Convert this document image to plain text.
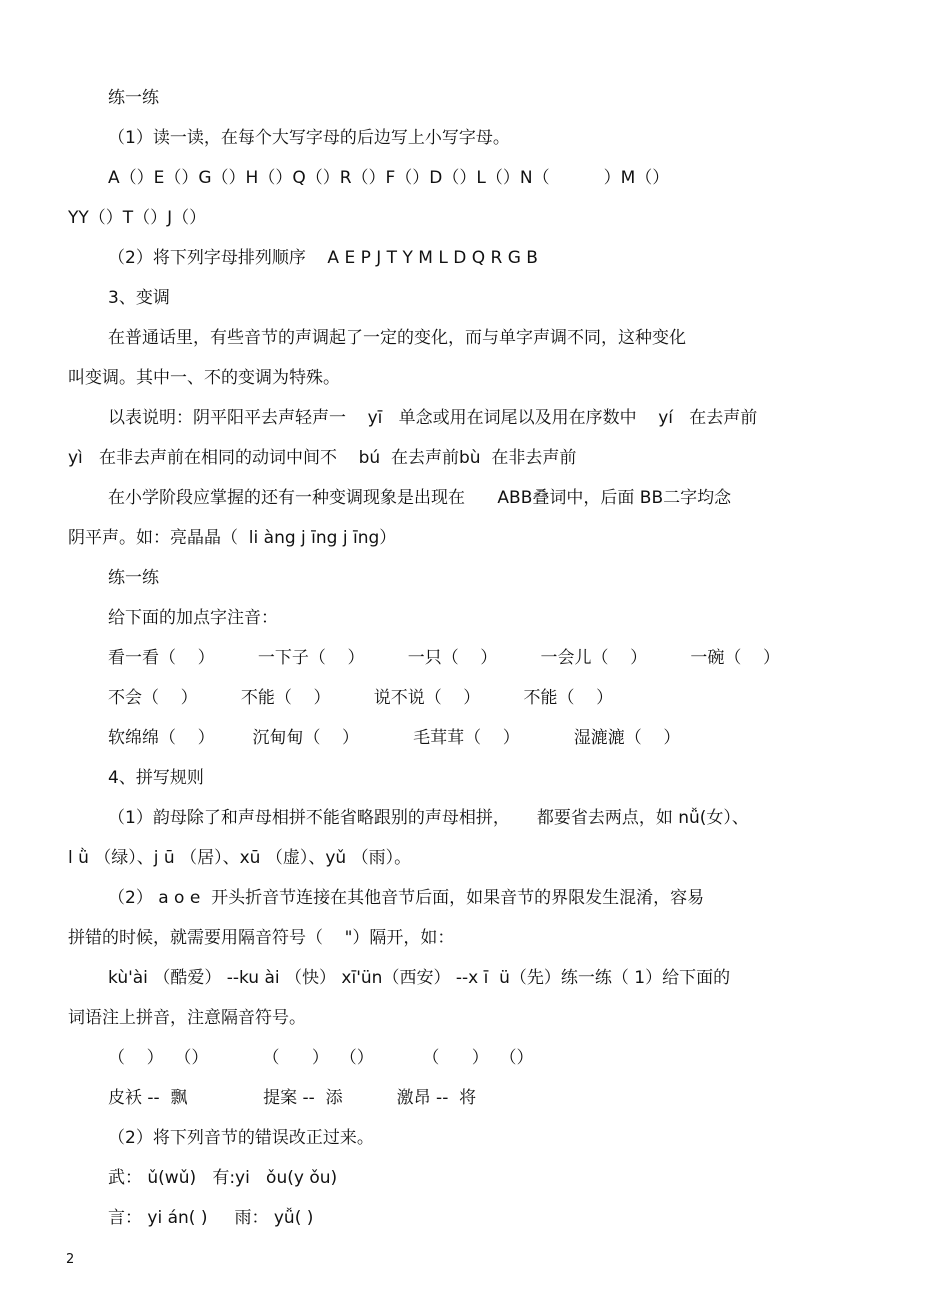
练一练
（1）读一读，在每个大写字母的后边写上小写字母。
A（）E（）G（）H（）Q（）R（）F（）D（）L（）N（          ）M（）
YY（）T（）J（）
（2）将下列字母排列顺序    A E P J T Y M L D Q R G B
3、变调
在普通话里，有些音节的声调起了一定的变化，而与单字声调不同，这种变化
叫变调。其中一、不的变调为特殊。
以表说明：阴平阳平去声轻声一    yī   单念或用在词尾以及用在序数中    yí   在去声前
yì   在非去声前在相同的动词中间不    bú  在去声前bù  在非去声前
在小学阶段应掌握的还有一种变调现象是出现在      ABB叠词中，后面 BB二字均念
阴平声。如：亮晶晶（  li àng j īng j īng）
练一练
给下面的加点字注音：
看一看（    ）        一下子（    ）        一只（    ）        一会儿（    ）        一碗（    ）
不会（    ）        不能（    ）        说不说（    ）        不能（    ）
软绵绵（    ）       沉甸甸（    ）          毛茸茸（    ）          湿漉漉（    ）
4、拼写规则
（1）韵母除了和声母相拼不能省略跟别的声母相拼，     都要省去两点，如 nǚ(女）、
l ǜ （绿）、j ū （居）、xū （虚）、yǔ （雨）。
（2） a o e  开头折音节连接在其他音节后面，如果音节的界限发生混淆，容易
拼错的时候，就需要用隔音符号（    "）隔开，如：
kù'ài （酷爱） --ku ài （快） xī'ün（西安） --x ī  ü（先）练一练（ 1）给下面的
词语注上拼音，注意隔音符号。
（    ）  （）          （      ）  （）         （      ）  （）
皮袄 --  飘              提案 --  添          激昂 --  将
（2）将下列音节的错误改正过来。
武： ǔ(wǔ)   有:yi   ǒu(y ǒu)
言： yi án( )     雨： yǚ( )
2
